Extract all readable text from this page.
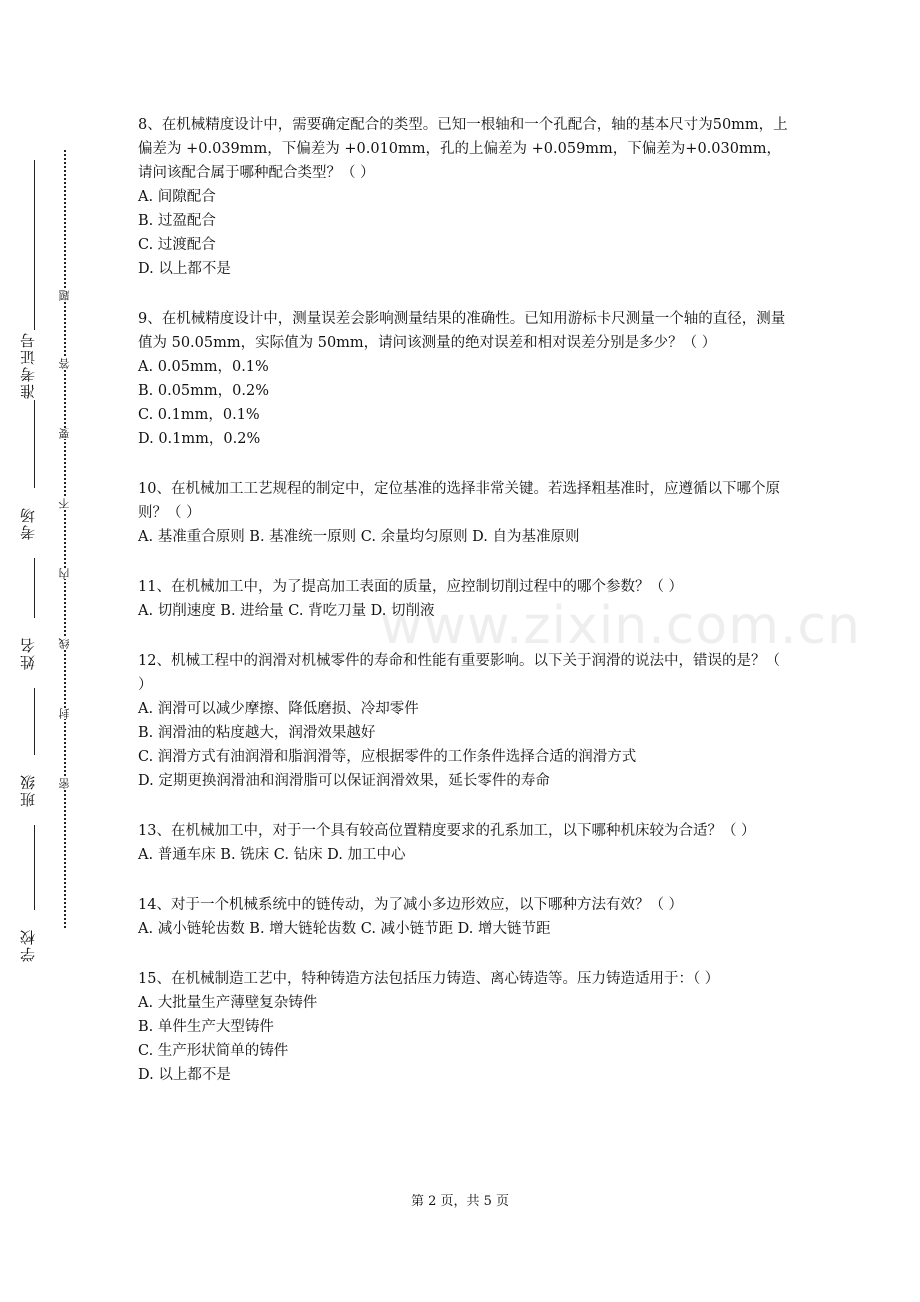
准考证号
考场
姓名
班级
学校
题
答
要
不
内
线
封
密

8、在机械精度设计中，需要确定配合的类型。已知一根轴和一个孔配合，轴的基本尺寸为50mm，上偏差为 +0.039mm，下偏差为 +0.010mm，孔的上偏差为 +0.059mm，下偏差为+0.030mm，请问该配合属于哪种配合类型？（ ）

A. 间隙配合

B. 过盈配合

C. 过渡配合

D. 以上都不是

9、在机械精度设计中，测量误差会影响测量结果的准确性。已知用游标卡尺测量一个轴的直径，测量值为 50.05mm，实际值为 50mm，请问该测量的绝对误差和相对误差分别是多少？（ ）

A. 0.05mm，0.1%

B. 0.05mm，0.2%

C. 0.1mm，0.1%

D. 0.1mm，0.2%

10、在机械加工工艺规程的制定中，定位基准的选择非常关键。若选择粗基准时，应遵循以下哪个原则？（ ）

A. 基准重合原则 B. 基准统一原则 C. 余量均匀原则 D. 自为基准原则

11、在机械加工中，为了提高加工表面的质量，应控制切削过程中的哪个参数？（ ）

A. 切削速度 B. 进给量 C. 背吃刀量 D. 切削液

12、机械工程中的润滑对机械零件的寿命和性能有重要影响。以下关于润滑的说法中，错误的是？（ ）

A. 润滑可以减少摩擦、降低磨损、冷却零件

B. 润滑油的粘度越大，润滑效果越好

C. 润滑方式有油润滑和脂润滑等，应根据零件的工作条件选择合适的润滑方式

D. 定期更换润滑油和润滑脂可以保证润滑效果，延长零件的寿命

13、在机械加工中，对于一个具有较高位置精度要求的孔系加工，以下哪种机床较为合适？（ ）

A. 普通车床 B. 铣床 C. 钻床 D. 加工中心

14、对于一个机械系统中的链传动，为了减小多边形效应，以下哪种方法有效？（ ）

A. 减小链轮齿数 B. 增大链轮齿数 C. 减小链节距 D. 增大链节距

15、在机械制造工艺中，特种铸造方法包括压力铸造、离心铸造等。压力铸造适用于：（ ）

A. 大批量生产薄壁复杂铸件

B. 单件生产大型铸件

C. 生产形状简单的铸件

D. 以上都不是

www.zixin.com.cn
第 2 页，共 5 页
